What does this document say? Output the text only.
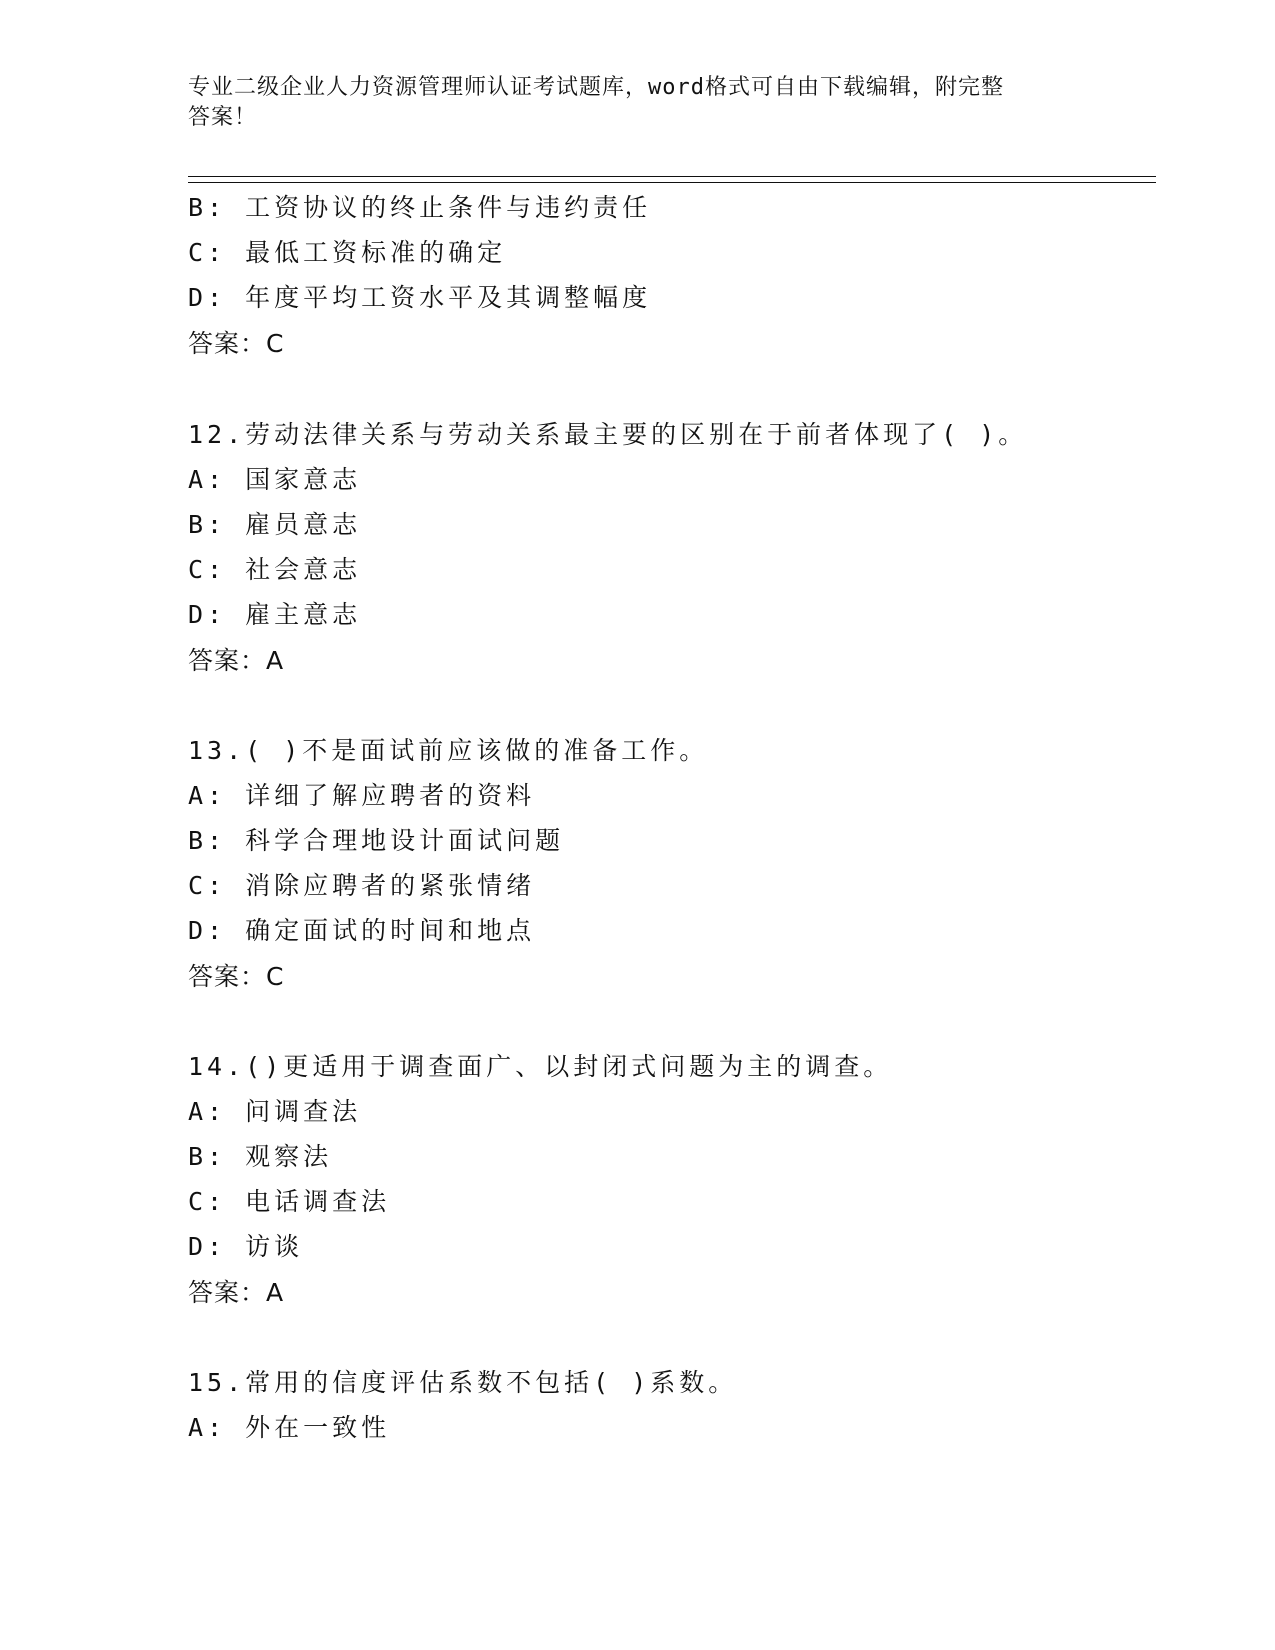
专业二级企业人力资源管理师认证考试题库，word格式可自由下载编辑，附完整
答案！
B: 工资协议的终止条件与违约责任
C: 最低工资标准的确定
D: 年度平均工资水平及其调整幅度
答案：C
12.劳动法律关系与劳动关系最主要的区别在于前者体现了( )。
A: 国家意志
B: 雇员意志
C: 社会意志
D: 雇主意志
答案：A
13.( )不是面试前应该做的准备工作。
A: 详细了解应聘者的资料
B: 科学合理地设计面试问题
C: 消除应聘者的紧张情绪
D: 确定面试的时间和地点
答案：C
14.()更适用于调查面广、以封闭式问题为主的调查。
A: 问调查法
B: 观察法
C: 电话调查法
D: 访谈
答案：A
15.常用的信度评估系数不包括( )系数。
A: 外在一致性
